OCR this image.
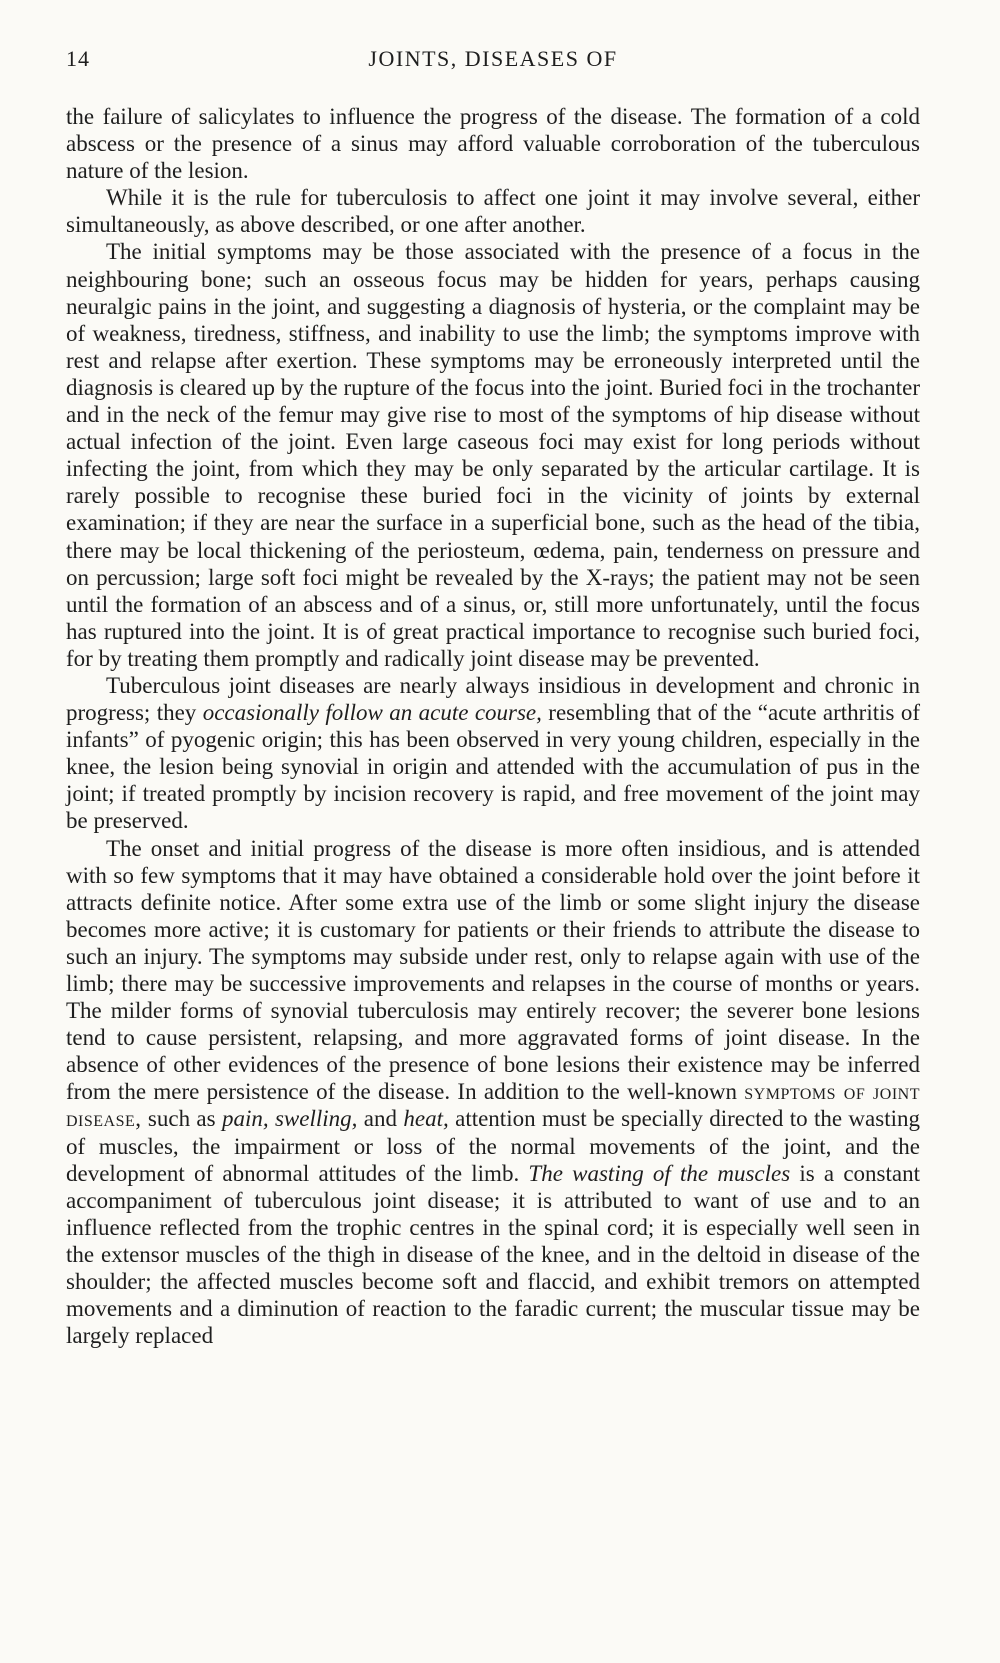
14	JOINTS, DISEASES OF

the failure of salicylates to influence the progress of the disease. The formation of a cold abscess or the presence of a sinus may afford valuable corroboration of the tuberculous nature of the lesion.

While it is the rule for tuberculosis to affect one joint it may involve several, either simultaneously, as above described, or one after another.

The initial symptoms may be those associated with the presence of a focus in the neighbouring bone; such an osseous focus may be hidden for years, perhaps causing neuralgic pains in the joint, and suggesting a diagnosis of hysteria, or the complaint may be of weakness, tiredness, stiffness, and inability to use the limb; the symptoms improve with rest and relapse after exertion. These symptoms may be erroneously interpreted until the diagnosis is cleared up by the rupture of the focus into the joint. Buried foci in the trochanter and in the neck of the femur may give rise to most of the symptoms of hip disease without actual infection of the joint. Even large caseous foci may exist for long periods without infecting the joint, from which they may be only separated by the articular cartilage. It is rarely possible to recognise these buried foci in the vicinity of joints by external examination; if they are near the surface in a superficial bone, such as the head of the tibia, there may be local thickening of the periosteum, œdema, pain, tenderness on pressure and on percussion; large soft foci might be revealed by the X-rays; the patient may not be seen until the formation of an abscess and of a sinus, or, still more unfortunately, until the focus has ruptured into the joint. It is of great practical importance to recognise such buried foci, for by treating them promptly and radically joint disease may be prevented.

Tuberculous joint diseases are nearly always insidious in development and chronic in progress; they occasionally follow an acute course, resembling that of the “acute arthritis of infants” of pyogenic origin; this has been observed in very young children, especially in the knee, the lesion being synovial in origin and attended with the accumulation of pus in the joint; if treated promptly by incision recovery is rapid, and free movement of the joint may be preserved.

The onset and initial progress of the disease is more often insidious, and is attended with so few symptoms that it may have obtained a considerable hold over the joint before it attracts definite notice. After some extra use of the limb or some slight injury the disease becomes more active; it is customary for patients or their friends to attribute the disease to such an injury. The symptoms may subside under rest, only to relapse again with use of the limb; there may be successive improvements and relapses in the course of months or years. The milder forms of synovial tuberculosis may entirely recover; the severer bone lesions tend to cause persistent, relapsing, and more aggravated forms of joint disease. In the absence of other evidences of the presence of bone lesions their existence may be inferred from the mere persistence of the disease. In addition to the well-known symptoms of joint disease, such as pain, swelling, and heat, attention must be specially directed to the wasting of muscles, the impairment or loss of the normal movements of the joint, and the development of abnormal attitudes of the limb. The wasting of the muscles is a constant accompaniment of tuberculous joint disease; it is attributed to want of use and to an influence reflected from the trophic centres in the spinal cord; it is especially well seen in the extensor muscles of the thigh in disease of the knee, and in the deltoid in disease of the shoulder; the affected muscles become soft and flaccid, and exhibit tremors on attempted movements and a diminution of reaction to the faradic current; the muscular tissue may be largely replaced
